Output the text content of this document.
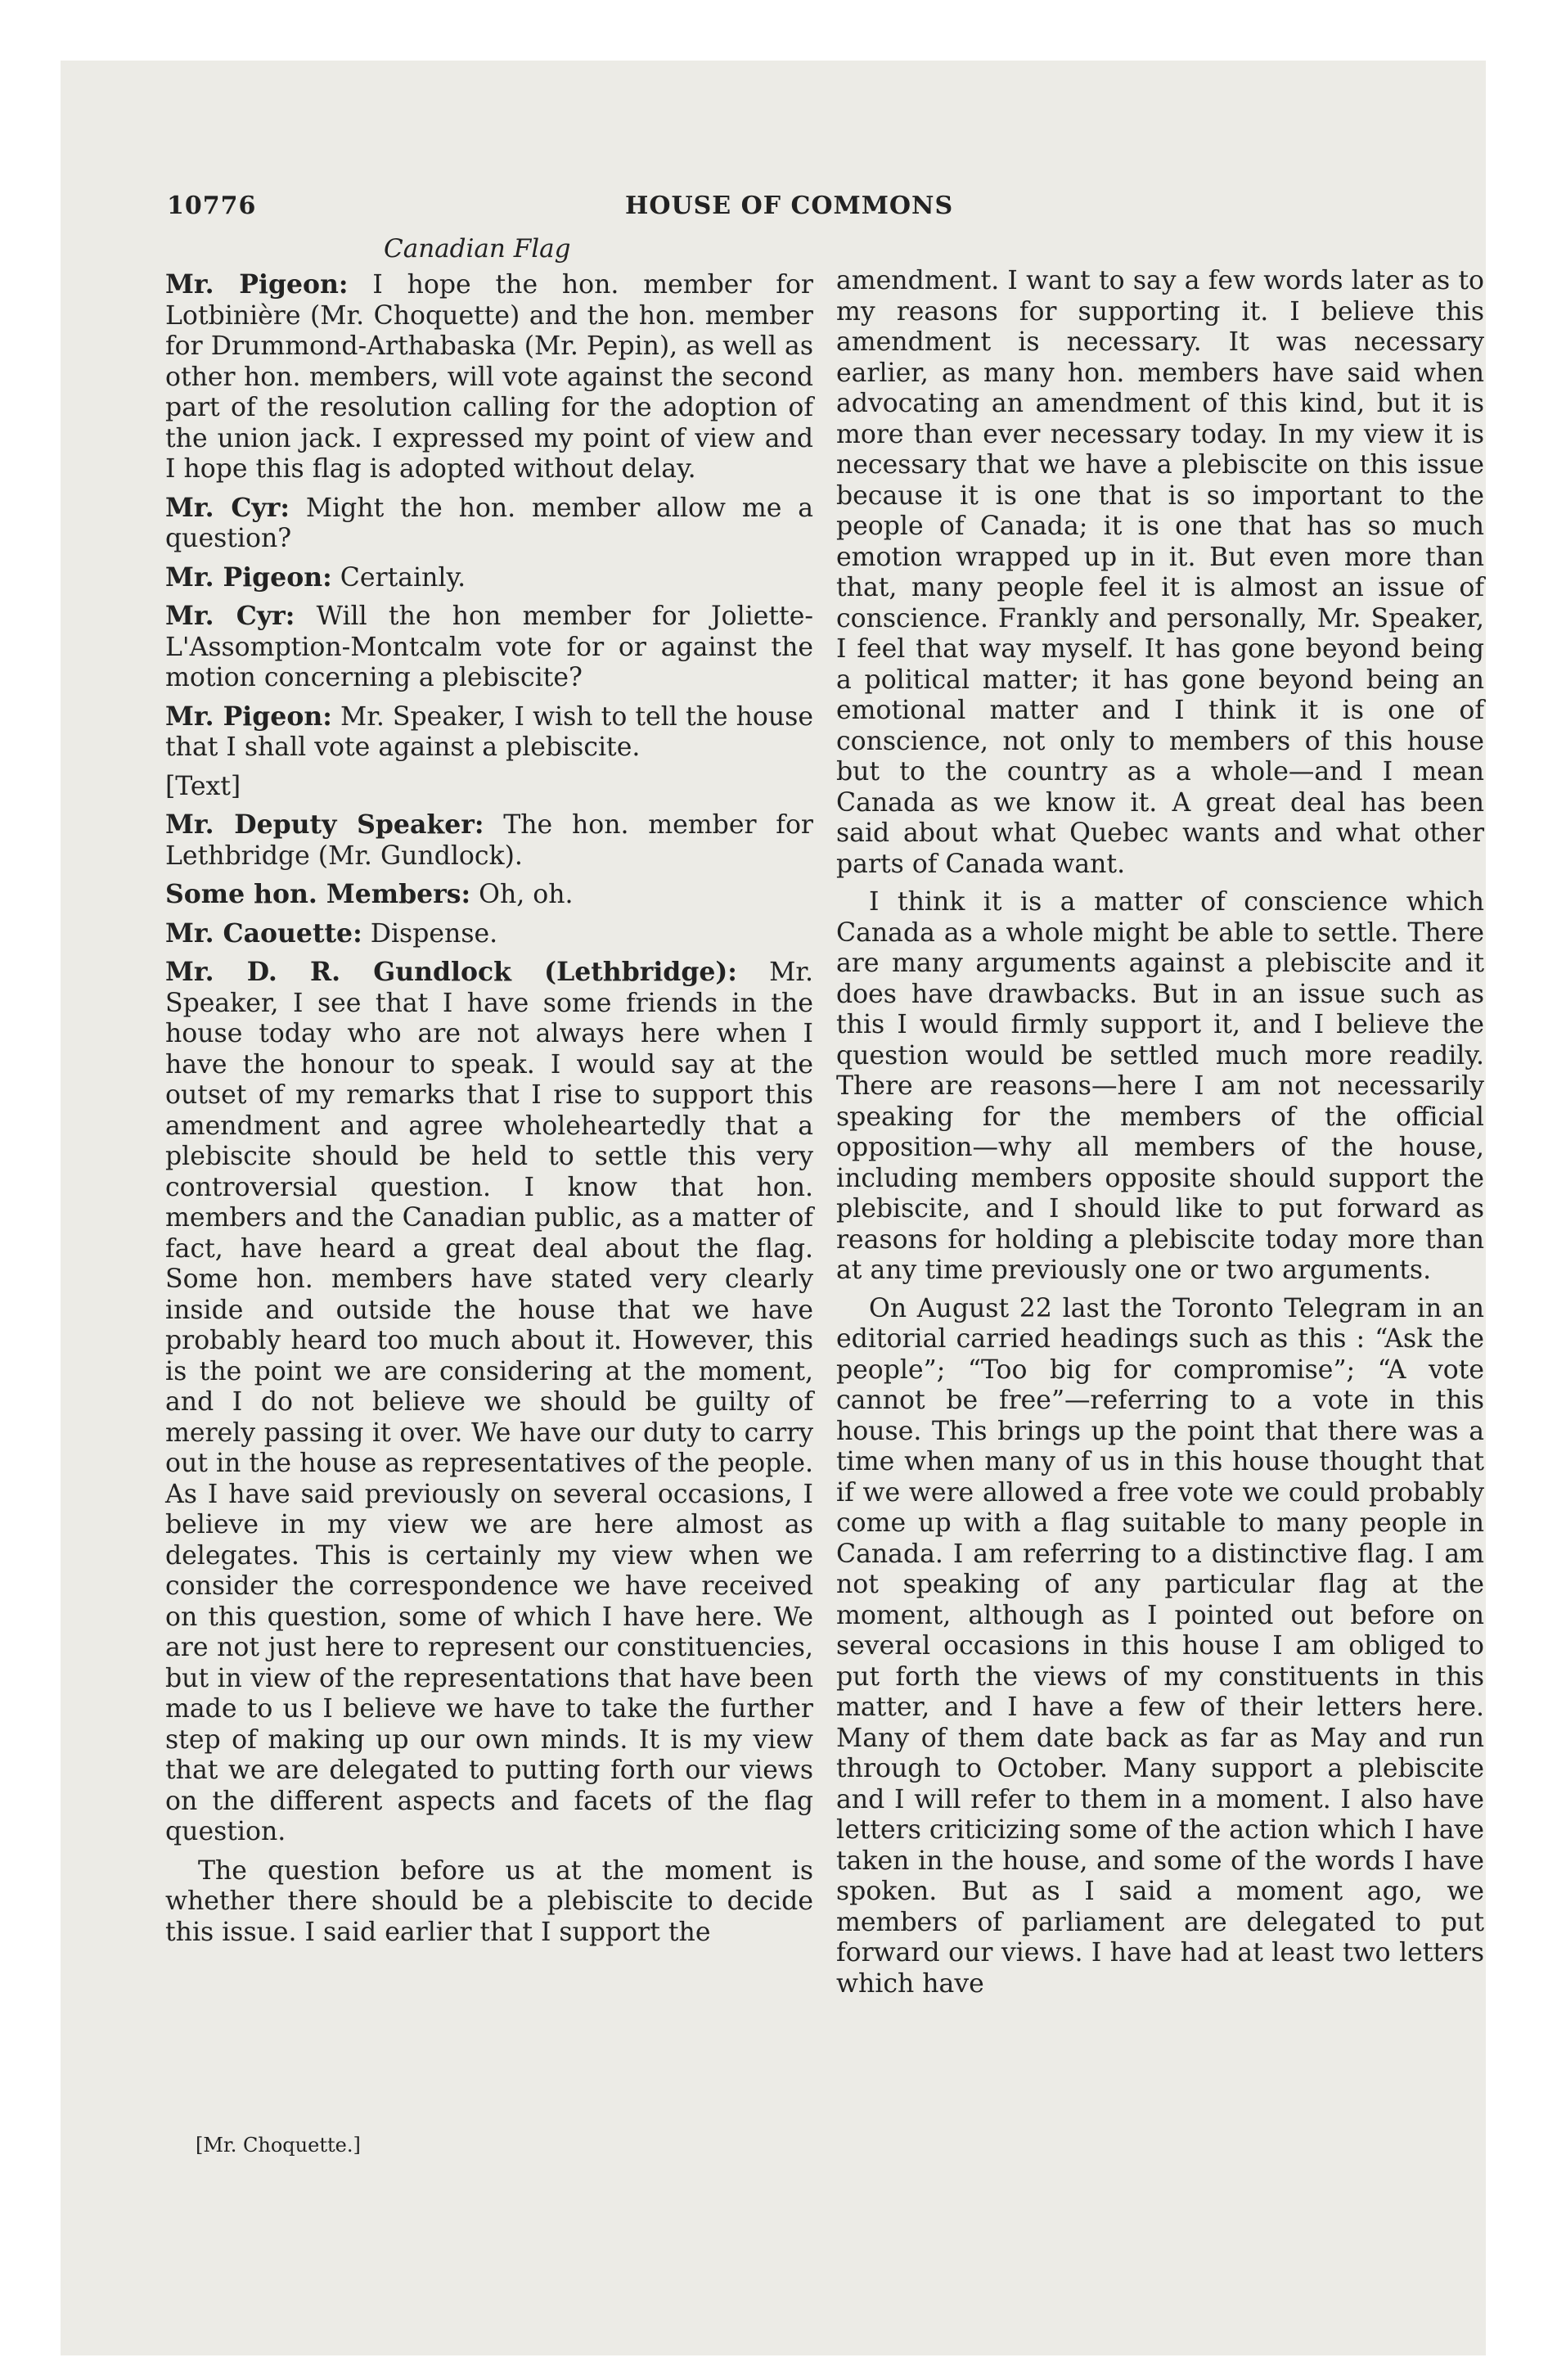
10776	HOUSE OF COMMONS
Canadian Flag

Mr. Pigeon: I hope the hon. member for Lotbinière (Mr. Choquette) and the hon. member for Drummond-Arthabaska (Mr. Pepin), as well as other hon. members, will vote against the second part of the resolution calling for the adoption of the union jack. I expressed my point of view and I hope this flag is adopted without delay.

Mr. Cyr: Might the hon. member allow me a question?

Mr. Pigeon: Certainly.

Mr. Cyr: Will the hon member for Joliette-L'Assomption-Montcalm vote for or against the motion concerning a plebiscite?

Mr. Pigeon: Mr. Speaker, I wish to tell the house that I shall vote against a plebiscite.

[Text]

Mr. Deputy Speaker: The hon. member for Lethbridge (Mr. Gundlock).

Some hon. Members: Oh, oh.

Mr. Caouette: Dispense.

Mr. D. R. Gundlock (Lethbridge): Mr. Speaker, I see that I have some friends in the house today who are not always here when I have the honour to speak. I would say at the outset of my remarks that I rise to support this amendment and agree wholeheartedly that a plebiscite should be held to settle this very controversial question. I know that hon. members and the Canadian public, as a matter of fact, have heard a great deal about the flag. Some hon. members have stated very clearly inside and outside the house that we have probably heard too much about it. However, this is the point we are considering at the moment, and I do not believe we should be guilty of merely passing it over. We have our duty to carry out in the house as representatives of the people. As I have said previously on several occasions, I believe in my view we are here almost as delegates. This is certainly my view when we consider the correspondence we have received on this question, some of which I have here. We are not just here to represent our constituencies, but in view of the representations that have been made to us I believe we have to take the further step of making up our own minds. It is my view that we are delegated to putting forth our views on the different aspects and facets of the flag question.

The question before us at the moment is whether there should be a plebiscite to decide this issue. I said earlier that I support the

amendment. I want to say a few words later as to my reasons for supporting it. I believe this amendment is necessary. It was necessary earlier, as many hon. members have said when advocating an amendment of this kind, but it is more than ever necessary today. In my view it is necessary that we have a plebiscite on this issue because it is one that is so important to the people of Canada; it is one that has so much emotion wrapped up in it. But even more than that, many people feel it is almost an issue of conscience. Frankly and personally, Mr. Speaker, I feel that way myself. It has gone beyond being a political matter; it has gone beyond being an emotional matter and I think it is one of conscience, not only to members of this house but to the country as a whole—and I mean Canada as we know it. A great deal has been said about what Quebec wants and what other parts of Canada want.

I think it is a matter of conscience which Canada as a whole might be able to settle. There are many arguments against a plebiscite and it does have drawbacks. But in an issue such as this I would firmly support it, and I believe the question would be settled much more readily. There are reasons—here I am not necessarily speaking for the members of the official opposition—why all members of the house, including members opposite should support the plebiscite, and I should like to put forward as reasons for holding a plebiscite today more than at any time previously one or two arguments.

On August 22 last the Toronto Telegram in an editorial carried headings such as this : “Ask the people”; “Too big for compromise”; “A vote cannot be free”—referring to a vote in this house. This brings up the point that there was a time when many of us in this house thought that if we were allowed a free vote we could probably come up with a flag suitable to many people in Canada. I am referring to a distinctive flag. I am not speaking of any particular flag at the moment, although as I pointed out before on several occasions in this house I am obliged to put forth the views of my constituents in this matter, and I have a few of their letters here. Many of them date back as far as May and run through to October. Many support a plebiscite and I will refer to them in a moment. I also have letters criticizing some of the action which I have taken in the house, and some of the words I have spoken. But as I said a moment ago, we members of parliament are delegated to put forward our views. I have had at least two letters which have

[Mr. Choquette.]
